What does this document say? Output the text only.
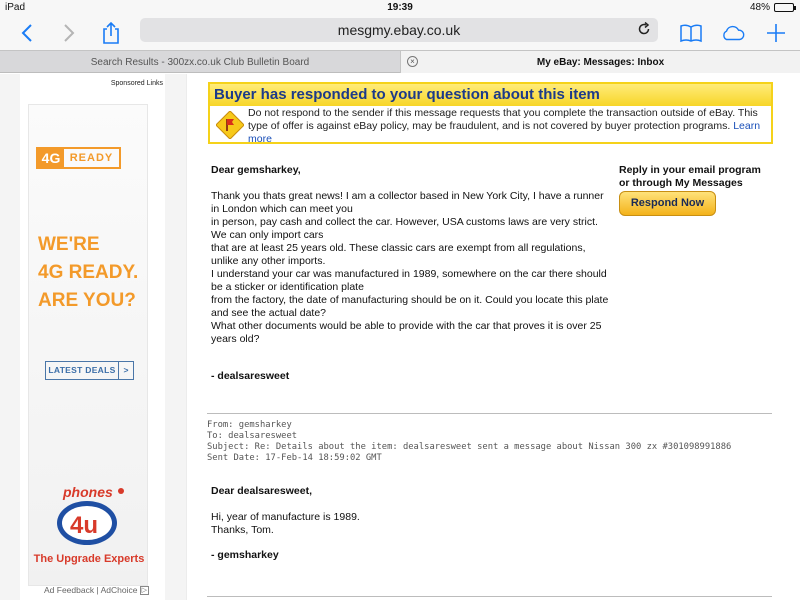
iPad	19:39	48%
mesgmy.ebay.co.uk
Search Results - 300zx.co.uk Club Bulletin Board	×	My eBay: Messages: Inbox
Sponsored Links
4G READY
WE'RE
4G READY.
ARE YOU?
LATEST DEALS >
phones
4u
The Upgrade Experts
Ad Feedback | AdChoice ▷
Buyer has responded to your question about this item
Do not respond to the sender if this message requests that you complete the transaction outside of eBay. This type of offer is against eBay policy, may be fraudulent, and is not covered by buyer protection programs. Learn more
Dear gemsharkey,
Thank you thats great news! I am a collector based in New York City, I have a runner
in London which can meet you
in person, pay cash and collect the car. However, USA customs laws are very strict.
We can only import cars
that are at least 25 years old. These classic cars are exempt from all regulations,
unlike any other imports.
I understand your car was manufactured in 1989, somewhere on the car there should
be a sticker or identification plate
from the factory, the date of manufacturing should be on it. Could you locate this plate
and see the actual date?
What other documents would be able to provide with the car that proves it is over 25
years old?
- dealsaresweet
Reply in your email program
or through My Messages
Respond Now
From: gemsharkey
To: dealsaresweet
Subject: Re: Details about the item: dealsaresweet sent a message about Nissan 300 zx #301098991886
Sent Date: 17-Feb-14 18:59:02 GMT
Dear dealsaresweet,
Hi, year of manufacture is 1989.
Thanks, Tom.
- gemsharkey
